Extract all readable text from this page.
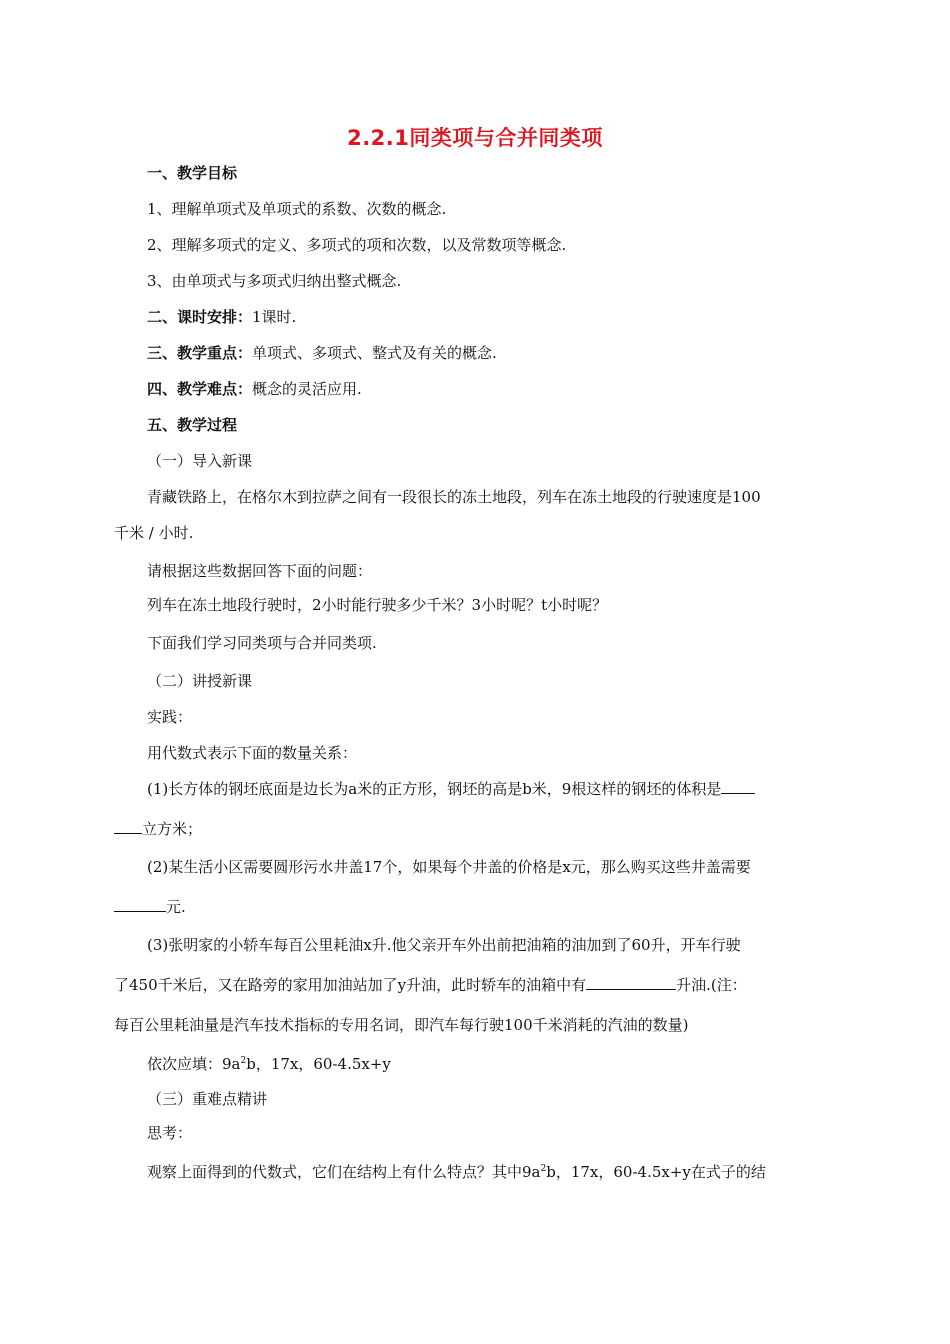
2.2.1同类项与合并同类项
一、教学目标
1、理解单项式及单项式的系数、次数的概念.
2、理解多项式的定义、多项式的项和次数，以及常数项等概念.
3、由单项式与多项式归纳出整式概念.
二、课时安排：1课时.
三、教学重点：单项式、多项式、整式及有关的概念.
四、教学难点：概念的灵活应用.
五、教学过程
（一）导入新课
青藏铁路上，在格尔木到拉萨之间有一段很长的冻土地段，列车在冻土地段的行驶速度是100
千米 / 小时.
请根据这些数据回答下面的问题：
列车在冻土地段行驶时，2小时能行驶多少千米？3小时呢？t小时呢？
下面我们学习同类项与合并同类项.
（二）讲授新课
实践：
用代数式表示下面的数量关系：
(1)长方体的钢坯底面是边长为a米的正方形，钢坯的高是b米，9根这样的钢坯的体积是
立方米；
(2)某生活小区需要圆形污水井盖17个，如果每个井盖的价格是x元，那么购买这些井盖需要
元.
(3)张明家的小轿车每百公里耗油x升.他父亲开车外出前把油箱的油加到了60升，开车行驶
了450千米后，又在路旁的家用加油站加了y升油，此时轿车的油箱中有	升油.(注：
每百公里耗油量是汽车技术指标的专用名词，即汽车每行驶100千米消耗的汽油的数量)
依次应填：$9a^2b$，17x，60-4.5x+y
（三）重难点精讲
思考：
观察上面得到的代数式，它们在结构上有什么特点？其中$9a^2b$，17x，60-4.5x+y在式子的结
